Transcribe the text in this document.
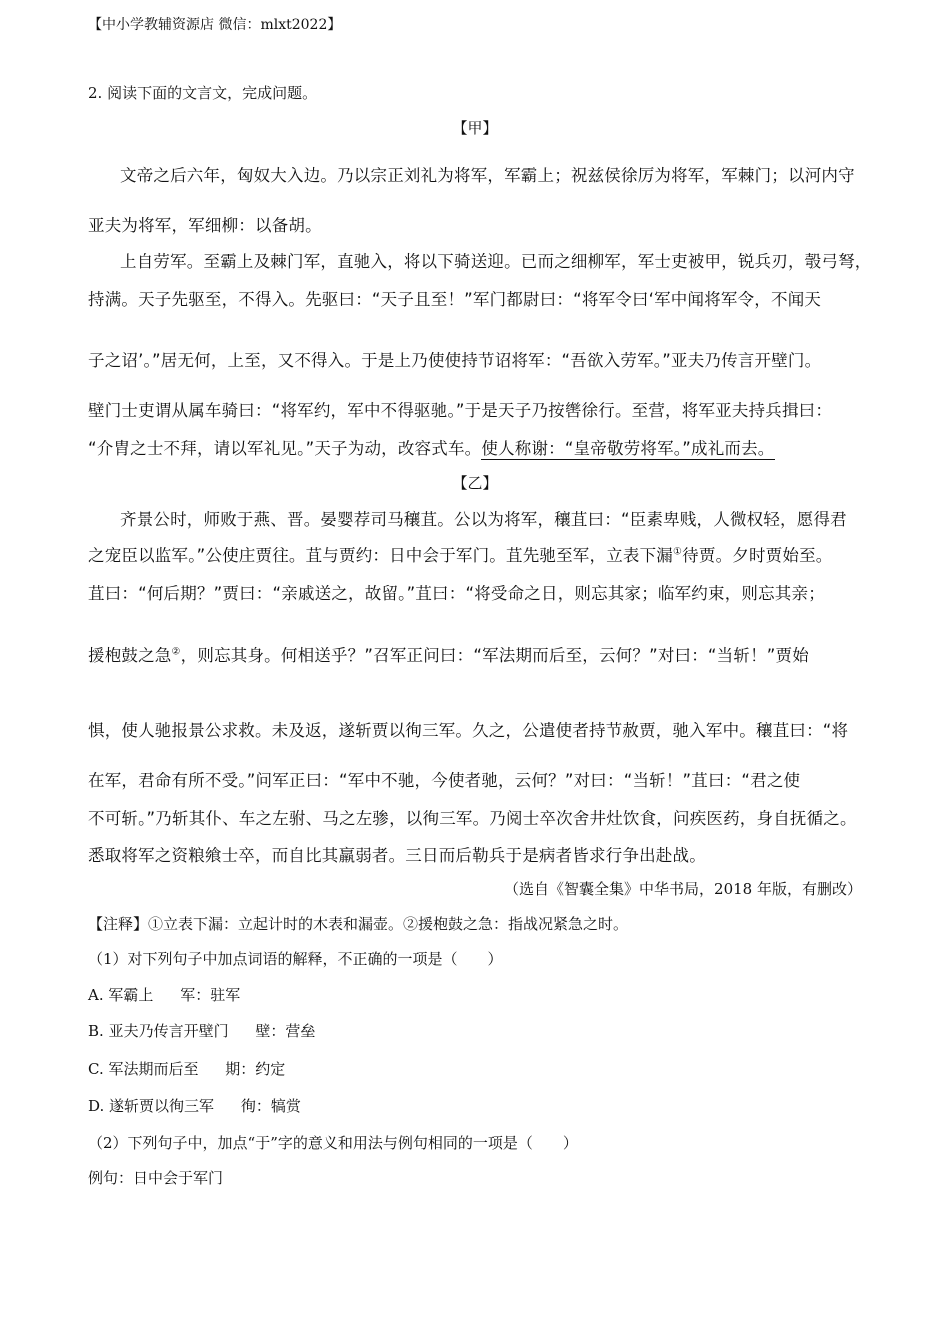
【中小学教辅资源店 微信：mlxt2022】
2. 阅读下面的文言文，完成问题。
【甲】
文帝之后六年，匈奴大入边。乃以宗正刘礼为将军，军霸上；祝兹侯徐厉为将军，军棘门；以河内守
亚夫为将军，军细柳：以备胡。
上自劳军。至霸上及棘门军，直驰入，将以下骑送迎。已而之细柳军，军士吏被甲，锐兵刃，彀弓弩，
持满。天子先驱至，不得入。先驱曰：“天子且至！”军门都尉曰：“将军令曰‘军中闻将军令，不闻天
子之诏’。”居无何，上至，又不得入。于是上乃使使持节诏将军：“吾欲入劳军。”亚夫乃传言开壁门。
壁门士吏谓从属车骑曰：“将军约，军中不得驱驰。”于是天子乃按辔徐行。至营，将军亚夫持兵揖曰：
“介胄之士不拜，请以军礼见。”天子为动，改容式车。使人称谢：“皇帝敬劳将军。”成礼而去。
【乙】
齐景公时，师败于燕、晋。晏婴荐司马穰苴。公以为将军，穰苴曰：“臣素卑贱，人微权轻，愿得君
之宠臣以监军。”公使庄贾往。苴与贾约：日中会于军门。苴先驰至军，立表下漏①待贾。夕时贾始至。
苴曰：“何后期？”贾曰：“亲戚送之，故留。”苴曰：“将受命之日，则忘其家；临军约束，则忘其亲；
援枹鼓之急②，则忘其身。何相送乎？”召军正问曰：“军法期而后至，云何？”对曰：“当斩！”贾始
惧，使人驰报景公求救。未及返，遂斩贾以徇三军。久之，公遣使者持节赦贾，驰入军中。穰苴曰：“将
在军，君命有所不受。”问军正曰：“军中不驰，今使者驰，云何？”对曰：“当斩！”苴曰：“君之使
不可斩。”乃斩其仆、车之左驸、马之左骖，以徇三军。乃阅士卒次舍井灶饮食，问疾医药，身自抚循之。
悉取将军之资粮飨士卒，而自比其羸弱者。三日而后勒兵于是病者皆求行争出赴战。
（选自《智囊全集》中华书局，2018 年版，有删改）
【注释】①立表下漏：立起计时的木表和漏壶。②援枹鼓之急：指战况紧急之时。
（1）对下列句子中加点词语的解释，不正确的一项是（　　）
A. 军霸上 军：驻军
B. 亚夫乃传言开壁门 壁：营垒
C. 军法期而后至 期：约定
D. 遂斩贾以徇三军 徇：犒赏
（2）下列句子中，加点“于”字的意义和用法与例句相同的一项是（　　）
例句：日中会于军门
